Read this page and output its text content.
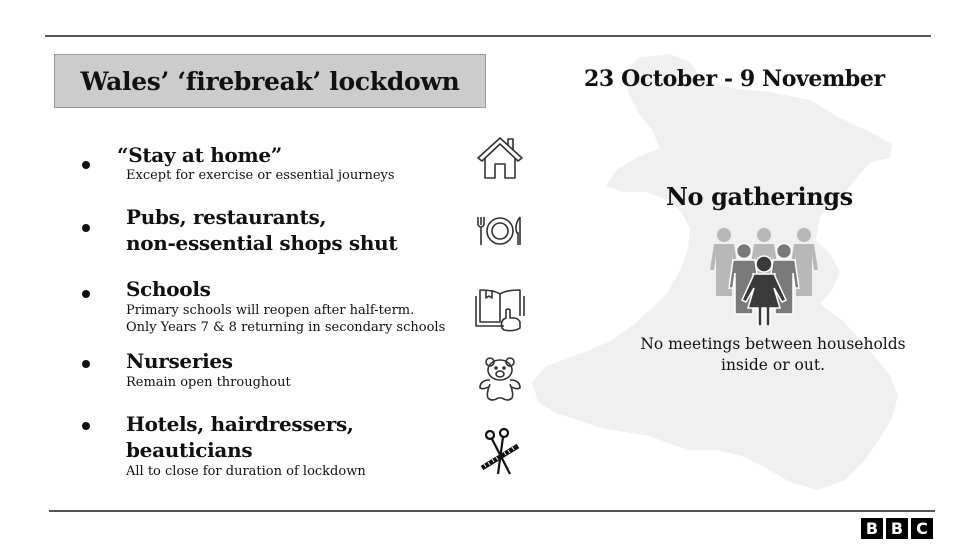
Wales’ ‘firebreak’ lockdown	23 October - 9 November
“Stay at home”
Except for exercise or essential journeys
Pubs, restaurants,
non-essential shops shut
Schools
Primary schools will reopen after half-term.
Only Years 7 & 8 returning in secondary schools
Nurseries
Remain open throughout
Hotels, hairdressers,
beauticians
All to close for duration of lockdown
No gatherings
No meetings between households
inside or out.
B B C
